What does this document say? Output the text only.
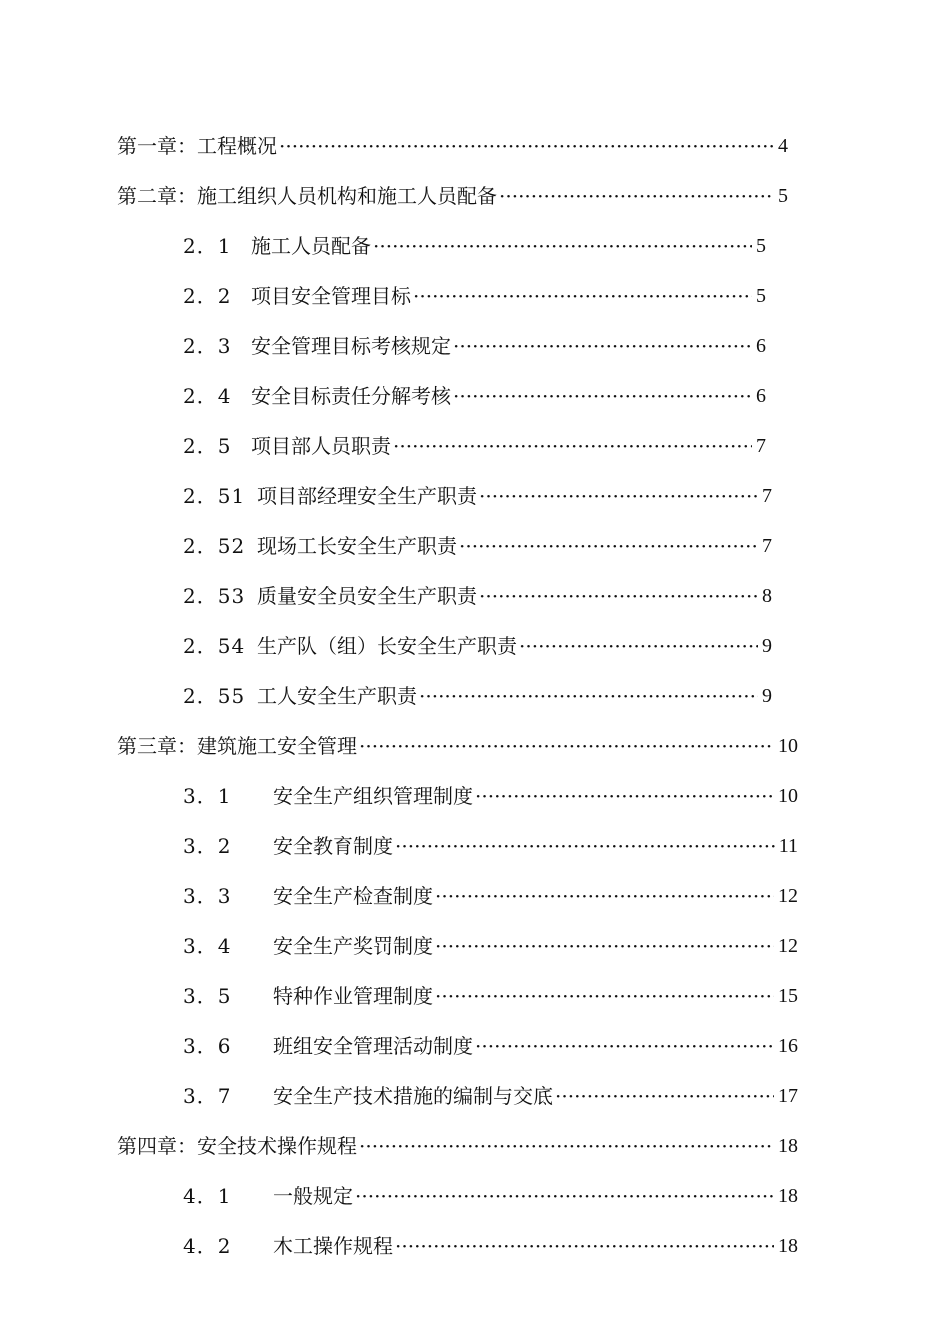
第一章：工程概况 ·····	4
第二章：施工组织人员机构和施工人员配备 ·····	5
2．1 施工人员配备 ·····	5
2．2 项目安全管理目标 ·····	5
2．3 安全管理目标考核规定 ·····	6
2．4 安全目标责任分解考核 ·····	6
2．5 项目部人员职责 ·····	7
2．51 项目部经理安全生产职责 ·····	7
2．52 现场工长安全生产职责 ·····	7
2．53 质量安全员安全生产职责 ·····	8
2．54 生产队（组）长安全生产职责 ·····	9
2．55 工人安全生产职责 ·····	9
第三章：建筑施工安全管理 ·····	10
3．1	安全生产组织管理制度 ·····	10
3．2	安全教育制度 ·····	11
3．3	安全生产检查制度 ·····	12
3．4	安全生产奖罚制度 ·····	12
3．5	特种作业管理制度 ·····	15
3．6	班组安全管理活动制度 ·····	16
3．7	安全生产技术措施的编制与交底 ·····	17
第四章：安全技术操作规程 ·····	18
4．1	一般规定 ·····	18
4．2	木工操作规程 ·····	18
